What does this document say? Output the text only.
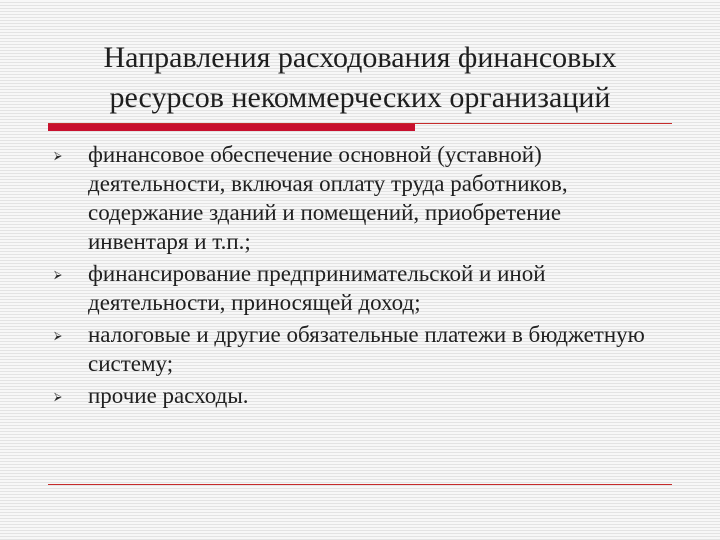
Направления расходования финансовых
ресурсов некоммерческих организаций
⮚ финансовое обеспечение основной (уставной) деятельности, включая оплату труда работников, содержание зданий и помещений, приобретение инвентаря и т.п.;
⮚ финансирование предпринимательской и иной деятельности, приносящей доход;
⮚ налоговые и другие обязательные платежи в бюджетную систему;
⮚ прочие расходы.
